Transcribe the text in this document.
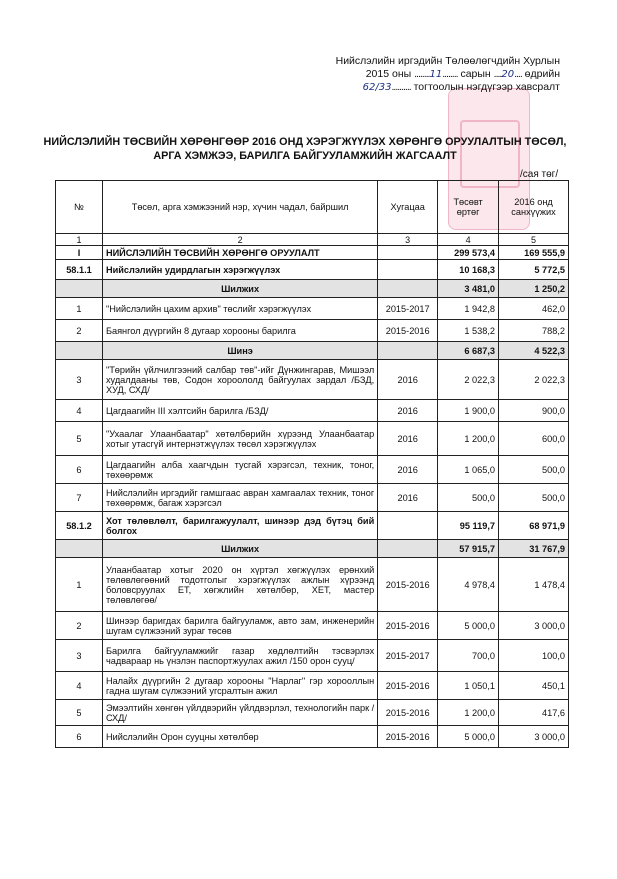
Нийслэлийн иргэдийн Төлөөлөгчдийн Хурлын
2015 оны ........11........ сарын ....20.... өдрийн
62/33.......... тогтоолын нэгдүгээр хавсралт
НИЙСЛЭЛИЙН ТӨСВИЙН ХӨРӨНГӨӨР 2016 ОНД ХЭРЭГЖҮҮЛЭХ ХӨРӨНГӨ ОРУУЛАЛТЫН ТӨСӨЛ,
АРГА ХЭМЖЭЭ, БАРИЛГА БАЙГУУЛАМЖИЙН ЖАГСААЛТ
/сая төг/
№	Төсөл, арга хэмжээний нэр, хүчин чадал, байршил	Хугацаа	Төсөвт өртөг	2016 онд санхүүжих
1	2	3	4	5
I	НИЙСЛЭЛИЙН ТӨСВИЙН ХӨРӨНГӨ ОРУУЛАЛТ		299 573,4	169 555,9
58.1.1	Нийслэлийн удирдлагын хэрэгжүүлэх		10 168,3	5 772,5
	Шилжих		3 481,0	1 250,2
1	"Нийслэлийн цахим архив" төслийг хэрэгжүүлэх	2015-2017	1 942,8	462,0
2	Баянгол дүүргийн 8 дугаар хорооны барилга	2015-2016	1 538,2	788,2
	Шинэ		6 687,3	4 522,3
3	"Төрийн үйлчилгээний салбар төв"-ийг Дүнжингарав, Мишээл худалдааны төв, Содон хороололд байгуулах зардал /БЗД, ХУД, СХД/	2016	2 022,3	2 022,3
4	Цагдаагийн III хэлтсийн барилга /БЗД/	2016	1 900,0	900,0
5	"Ухаалаг Улаанбаатар" хөтөлбөрийн хүрээнд Улаанбаатар хотыг утасгүй интернэтжүүлэх төсөл хэрэгжүүлэх	2016	1 200,0	600,0
6	Цагдаагийн алба хаагчдын тусгай хэрэгсэл, техник, тоног, төхөөрөмж	2016	1 065,0	500,0
7	Нийслэлийн иргэдийг гамшгаас авран хамгаалах техник, тоног төхөөрөмж, багаж хэрэгсэл	2016	500,0	500,0
58.1.2	Хот төлөвлөлт, барилгажуулалт, шинээр дэд бүтэц бий болгох		95 119,7	68 971,9
	Шилжих		57 915,7	31 767,9
1	Улаанбаатар хотыг 2020 он хүртэл хөгжүүлэх ерөнхий төлөвлөгөөний тодотголыг хэрэгжүүлэх ажлын хүрээнд боловсруулах ЕТ, хөгжлийн хөтөлбөр, ХЕТ, мастер төлөвлөгөө/	2015-2016	4 978,4	1 478,4
2	Шинээр баригдах барилга байгууламж, авто зам, инженерийн шугам сүлжээний зураг төсөв	2015-2016	5 000,0	3 000,0
3	Барилга байгууламжийг газар хөдлөлтийн тэсвэрлэх чадвараар нь үнэлэн паспортжуулах ажил /150 орон сууц/	2015-2017	700,0	100,0
4	Налайх дүүргийн 2 дугаар хорооны "Нарлаг" гэр хорооллын гадна шугам сүлжээний угсралтын ажил	2015-2016	1 050,1	450,1
5	Эмээлтийн хөнгөн үйлдвэрийн үйлдвэрлэл, технологийн парк /СХД/	2015-2016	1 200,0	417,6
6	Нийслэлийн Орон сууцны хөтөлбөр	2015-2016	5 000,0	3 000,0
